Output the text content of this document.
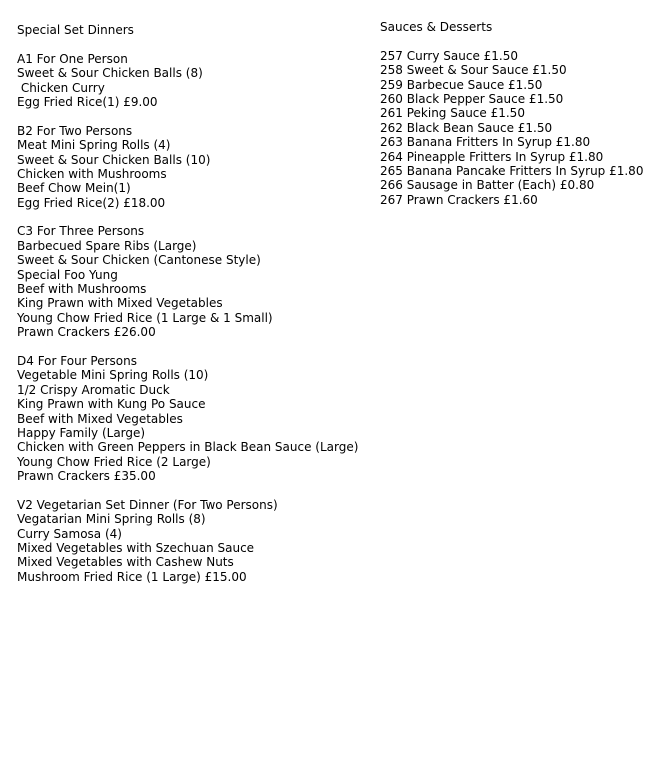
Special Set Dinners
A1 For One Person
Sweet & Sour Chicken Balls (8)
Chicken Curry
Egg Fried Rice(1) £9.00
B2 For Two Persons
Meat Mini Spring Rolls (4)
Sweet & Sour Chicken Balls (10)
Chicken with Mushrooms
Beef Chow Mein(1)
Egg Fried Rice(2) £18.00
C3 For Three Persons
Barbecued Spare Ribs (Large)
Sweet & Sour Chicken (Cantonese Style)
Special Foo Yung
Beef with Mushrooms
King Prawn with Mixed Vegetables
Young Chow Fried Rice (1 Large & 1 Small)
Prawn Crackers £26.00
D4 For Four Persons
Vegetable Mini Spring Rolls (10)
1/2 Crispy Aromatic Duck
King Prawn with Kung Po Sauce
Beef with Mixed Vegetables
Happy Family (Large)
Chicken with Green Peppers in Black Bean Sauce (Large)
Young Chow Fried Rice (2 Large)
Prawn Crackers £35.00
V2 Vegetarian Set Dinner (For Two Persons)
Vegatarian Mini Spring Rolls (8)
Curry Samosa (4)
Mixed Vegetables with Szechuan Sauce
Mixed Vegetables with Cashew Nuts
Mushroom Fried Rice (1 Large) £15.00
Sauces & Desserts
257 Curry Sauce £1.50
258 Sweet & Sour Sauce £1.50
259 Barbecue Sauce £1.50
260 Black Pepper Sauce £1.50
261 Peking Sauce £1.50
262 Black Bean Sauce £1.50
263 Banana Fritters In Syrup £1.80
264 Pineapple Fritters In Syrup £1.80
265 Banana Pancake Fritters In Syrup £1.80
266 Sausage in Batter (Each) £0.80
267 Prawn Crackers £1.60
